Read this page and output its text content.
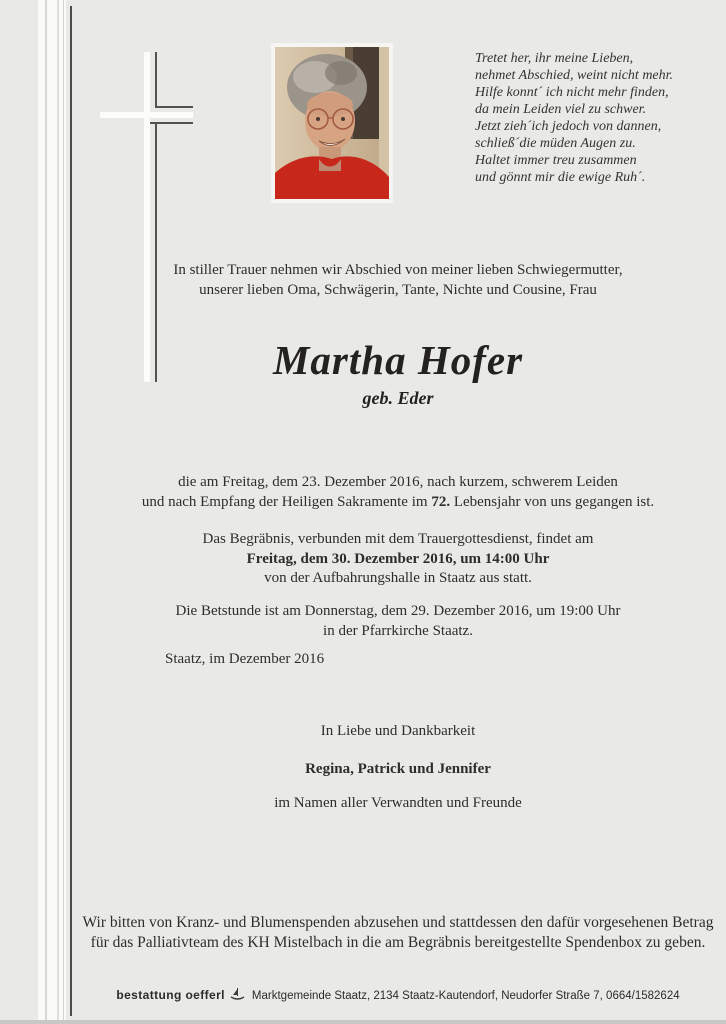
Tretet her, ihr meine Lieben,
nehmet Abschied, weint nicht mehr.
Hilfe konnt´ ich nicht mehr finden,
da mein Leiden viel zu schwer.
Jetzt zieh´ich jedoch von dannen,
schließ´die müden Augen zu.
Haltet immer treu zusammen
und gönnt mir die ewige Ruh´.
In stiller Trauer nehmen wir Abschied von meiner lieben Schwiegermutter,
unserer lieben Oma, Schwägerin, Tante, Nichte und Cousine, Frau
Martha Hofer
geb. Eder
die am Freitag, dem 23. Dezember 2016, nach kurzem, schwerem Leiden
und nach Empfang der Heiligen Sakramente im 72. Lebensjahr von uns gegangen ist.
Das Begräbnis, verbunden mit dem Trauergottesdienst, findet am
Freitag, dem 30. Dezember 2016, um 14:00 Uhr
von der Aufbahrungshalle in Staatz aus statt.
Die Betstunde ist am Donnerstag, dem 29. Dezember 2016, um 19:00 Uhr
in der Pfarrkirche Staatz.
Staatz, im Dezember 2016
In Liebe und Dankbarkeit
Regina, Patrick und Jennifer
im Namen aller Verwandten und Freunde
Wir bitten von Kranz- und Blumenspenden abzusehen und stattdessen den dafür vorgesehenen Betrag
für das Palliativteam des KH Mistelbach in die am Begräbnis bereitgestellte Spendenbox zu geben.
bestattung oefferl Marktgemeinde Staatz, 2134 Staatz-Kautendorf, Neudorfer Straße 7, 0664/1582624
